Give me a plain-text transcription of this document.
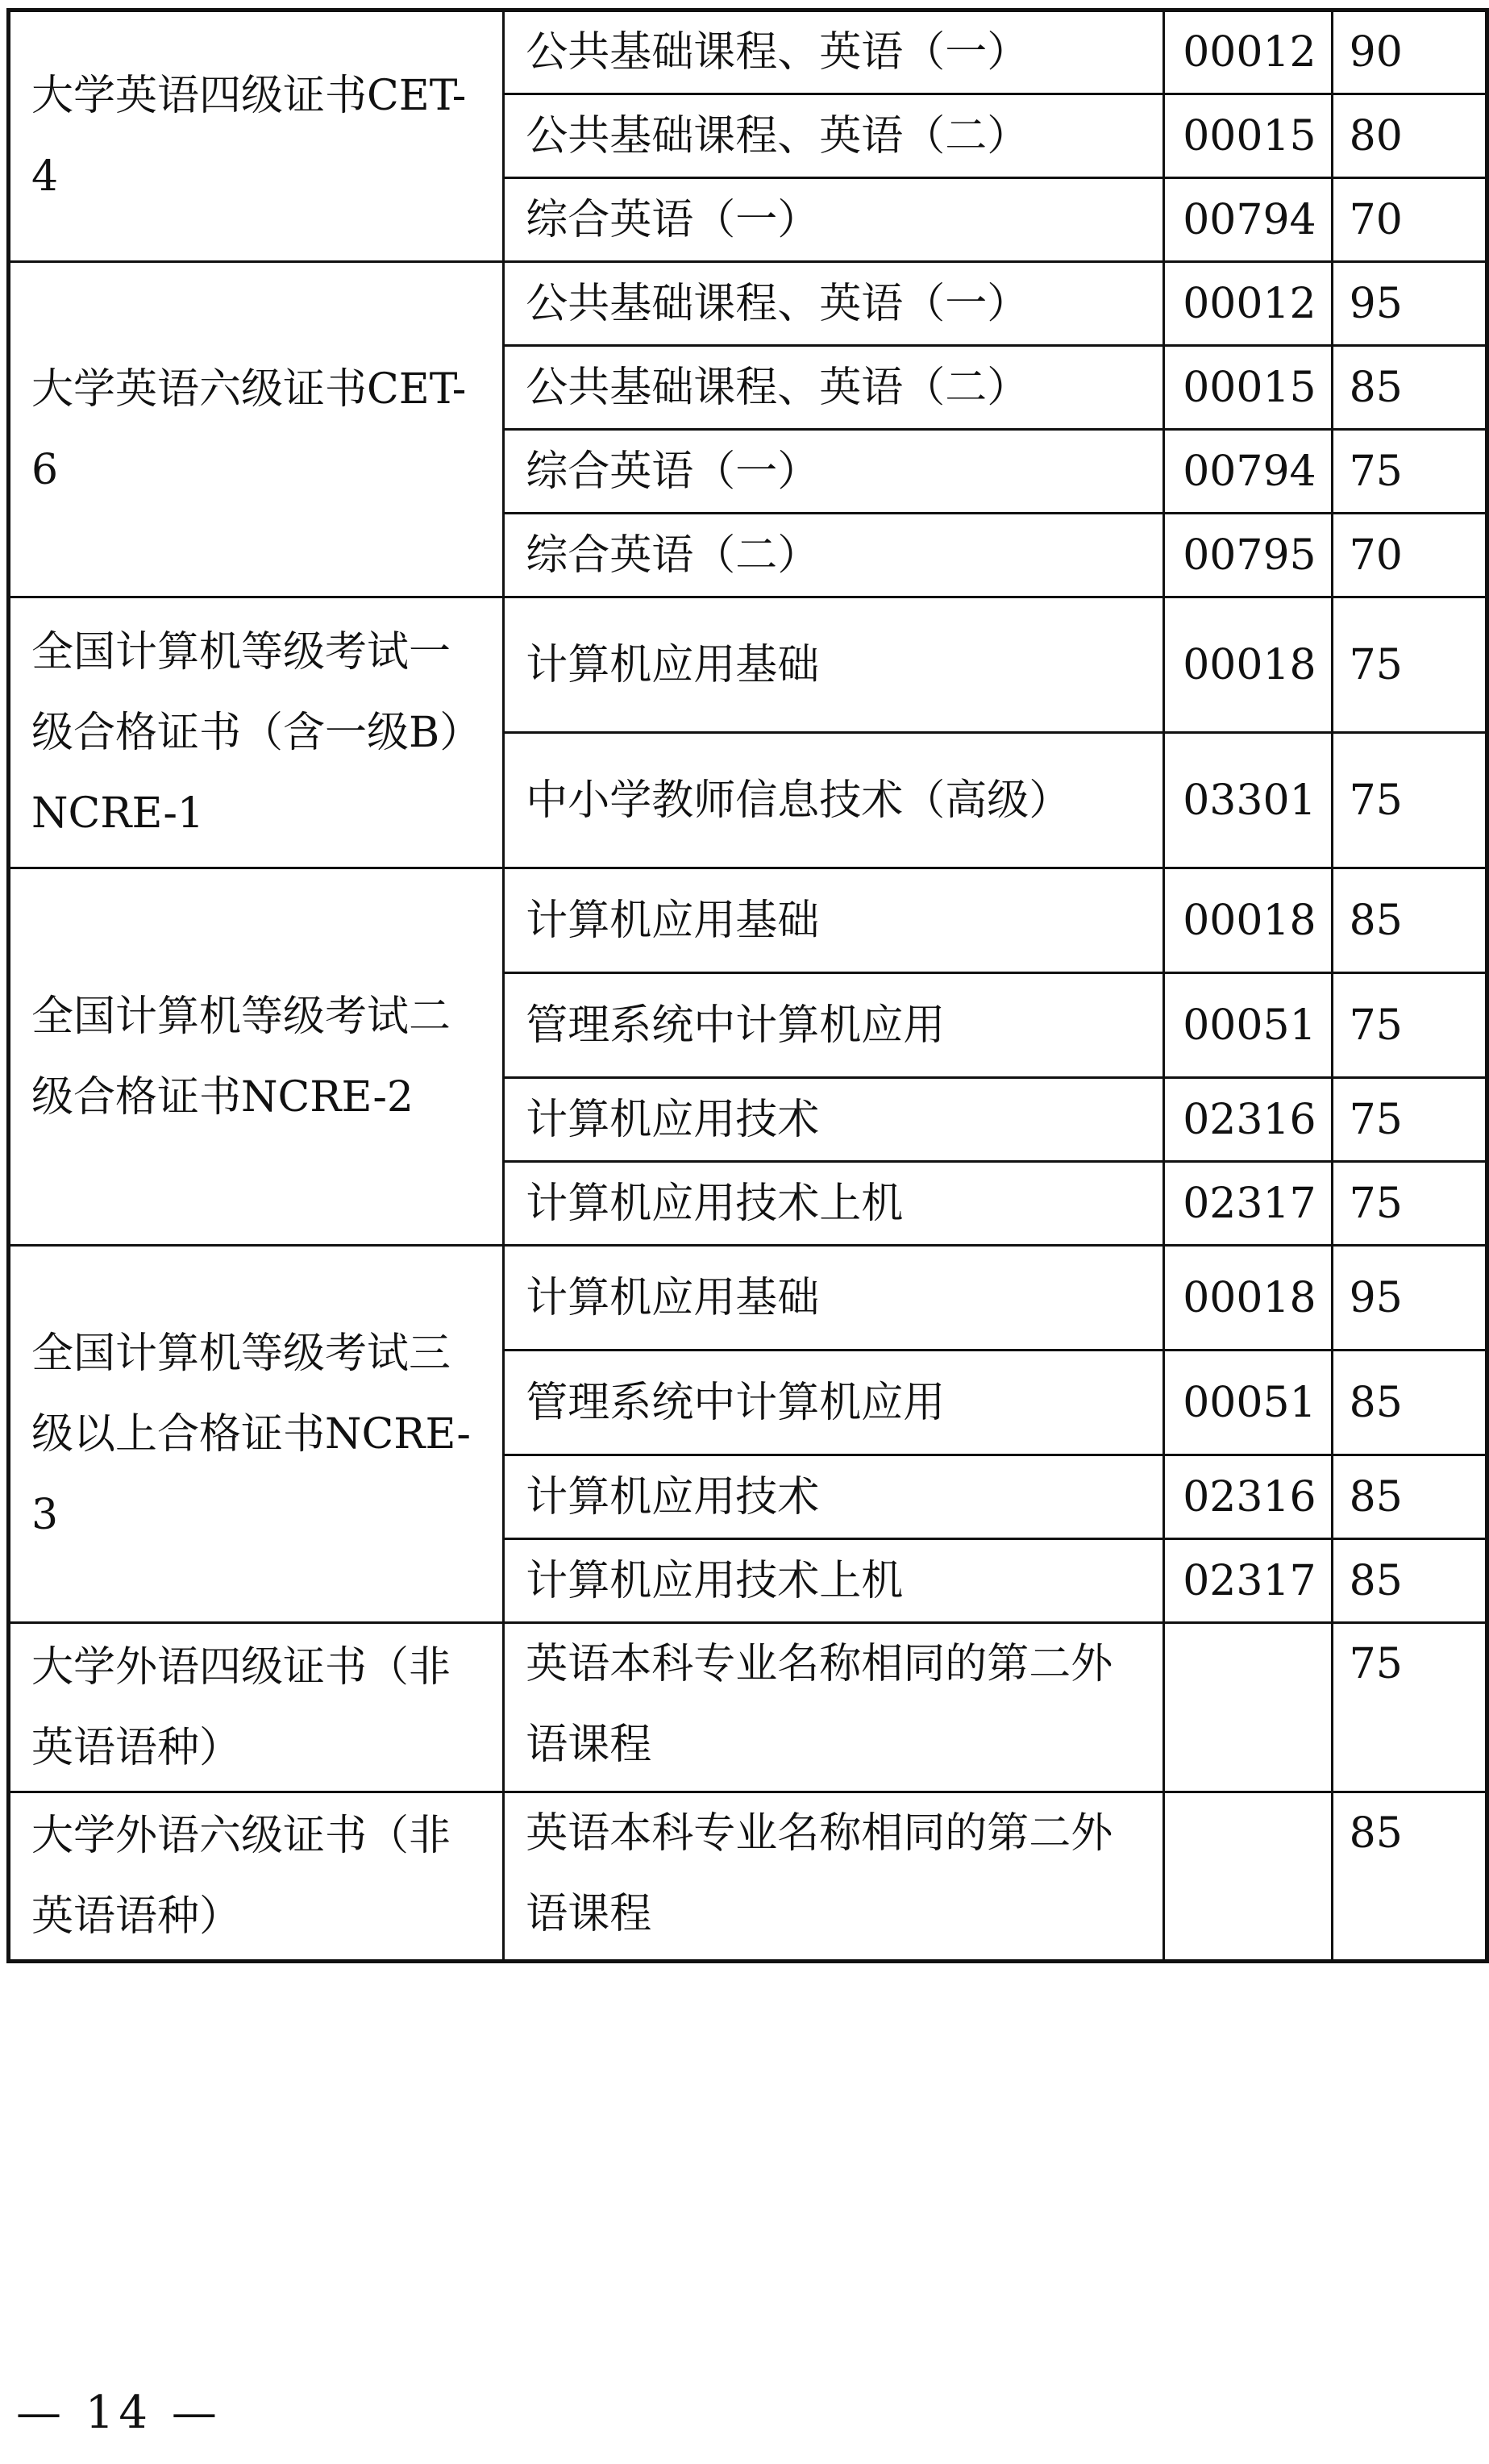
大学英语四级证书CET-4	公共基础课程、英语（一）	00012	90
	公共基础课程、英语（二）	00015	80
	综合英语（一）	00794	70
大学英语六级证书CET-6	公共基础课程、英语（一）	00012	95
	公共基础课程、英语（二）	00015	85
	综合英语（一）	00794	75
	综合英语（二）	00795	70
全国计算机等级考试一级合格证书（含一级B）NCRE-1	计算机应用基础	00018	75
	中小学教师信息技术（高级）	03301	75
全国计算机等级考试二级合格证书NCRE-2	计算机应用基础	00018	85
	管理系统中计算机应用	00051	75
	计算机应用技术	02316	75
	计算机应用技术上机	02317	75
全国计算机等级考试三级以上合格证书NCRE-3	计算机应用基础	00018	95
	管理系统中计算机应用	00051	85
	计算机应用技术	02316	85
	计算机应用技术上机	02317	85
大学外语四级证书（非英语语种）	英语本科专业名称相同的第二外语课程		75
大学外语六级证书（非英语语种）	英语本科专业名称相同的第二外语课程		85
— 14 —
